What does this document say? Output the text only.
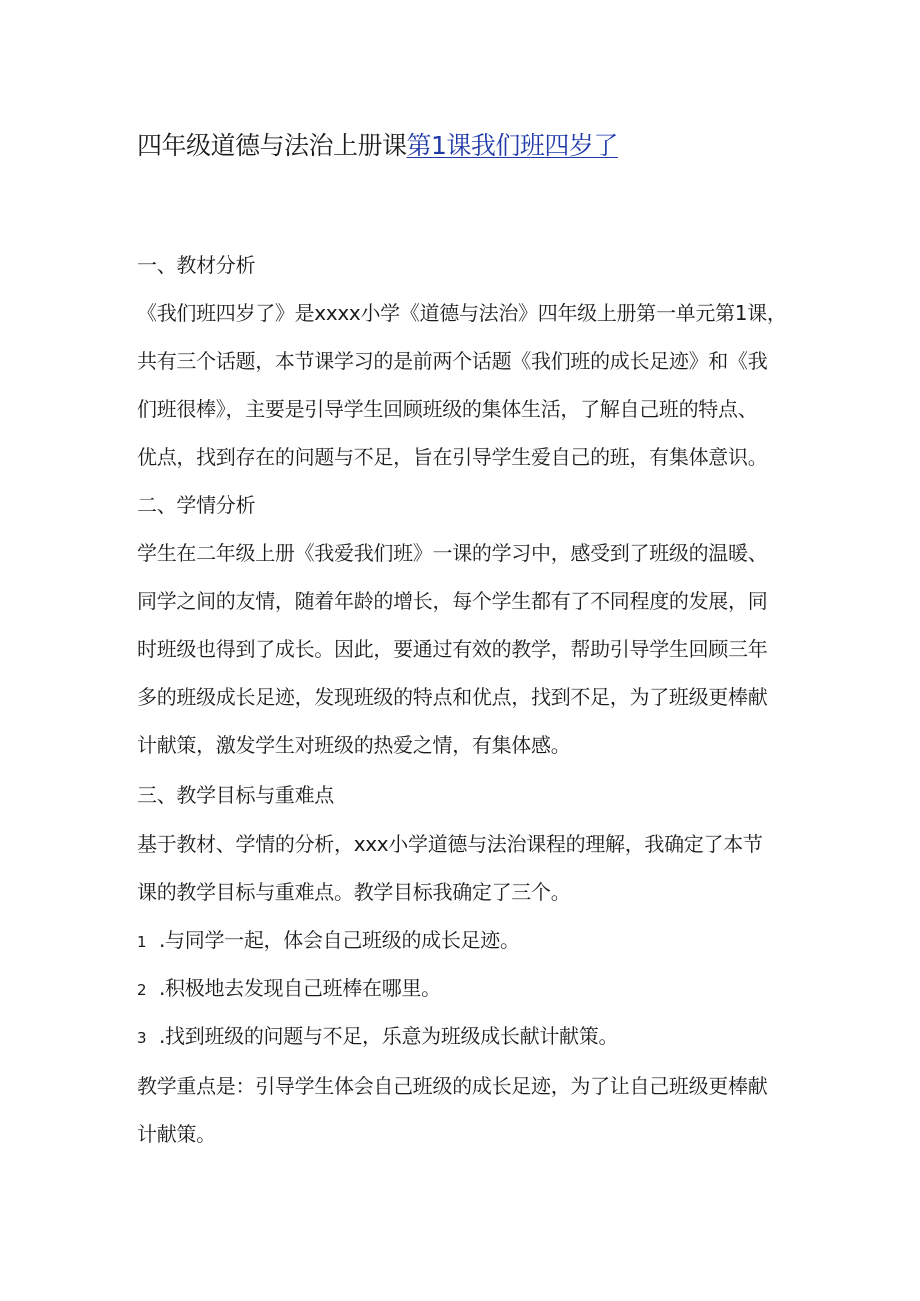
四年级道德与法治上册课第1课我们班四岁了
一、教材分析
《我们班四岁了》是xxxx小学《道德与法治》四年级上册第一单元第1课，
共有三个话题，本节课学习的是前两个话题《我们班的成长足迹》和《我
们班很棒》，主要是引导学生回顾班级的集体生活，了解自己班的特点、
优点，找到存在的问题与不足，旨在引导学生爱自己的班，有集体意识。
二、学情分析
学生在二年级上册《我爱我们班》一课的学习中，感受到了班级的温暖、
同学之间的友情，随着年龄的增长，每个学生都有了不同程度的发展，同
时班级也得到了成长。因此，要通过有效的教学，帮助引导学生回顾三年
多的班级成长足迹，发现班级的特点和优点，找到不足，为了班级更棒献
计献策，激发学生对班级的热爱之情，有集体感。
三、教学目标与重难点
基于教材、学情的分析，xxx小学道德与法治课程的理解，我确定了本节
课的教学目标与重难点。教学目标我确定了三个。
1 .与同学一起，体会自己班级的成长足迹。
2 .积极地去发现自己班棒在哪里。
3 .找到班级的问题与不足，乐意为班级成长献计献策。
教学重点是：引导学生体会自己班级的成长足迹，为了让自己班级更棒献
计献策。
